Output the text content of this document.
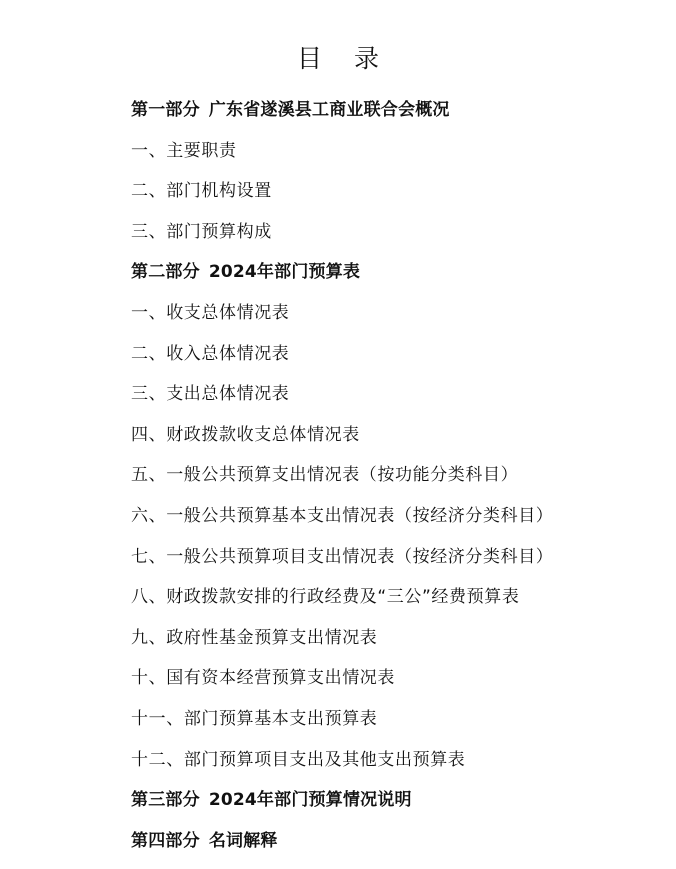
目 录
第一部分 广东省遂溪县工商业联合会概况
一、主要职责
二、部门机构设置
三、部门预算构成
第二部分 2024年部门预算表
一、收支总体情况表
二、收入总体情况表
三、支出总体情况表
四、财政拨款收支总体情况表
五、一般公共预算支出情况表（按功能分类科目）
六、一般公共预算基本支出情况表（按经济分类科目）
七、一般公共预算项目支出情况表（按经济分类科目）
八、财政拨款安排的行政经费及“三公”经费预算表
九、政府性基金预算支出情况表
十、国有资本经营预算支出情况表
十一、部门预算基本支出预算表
十二、部门预算项目支出及其他支出预算表
第三部分 2024年部门预算情况说明
第四部分 名词解释
